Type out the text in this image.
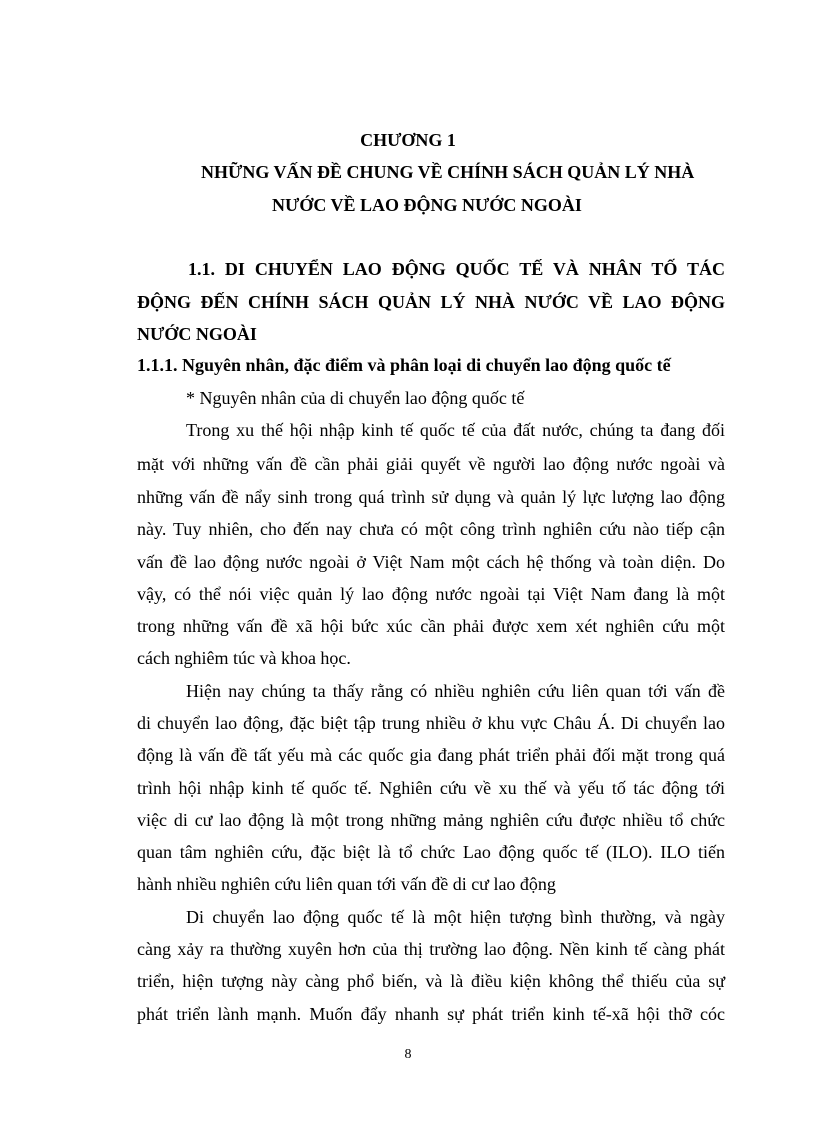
CHƯƠNG 1
NHỮNG VẤN ĐỀ CHUNG VỀ CHÍNH SÁCH QUẢN LÝ NHÀ
NƯỚC VỀ LAO ĐỘNG NƯỚC NGOÀI
1.1. DI CHUYỂN LAO ĐỘNG QUỐC TẾ VÀ NHÂN TỐ TÁC
ĐỘNG ĐẾN CHÍNH SÁCH QUẢN LÝ NHÀ NƯỚC VỀ LAO ĐỘNG
NƯỚC NGOÀI
1.1.1. Nguyên nhân, đặc điểm và phân loại di chuyển lao động quốc tế
* Nguyên nhân của di chuyển lao động quốc tế
Trong xu thế hội nhập kinh tế quốc tế của đất nước, chúng ta đang đối
mặt với những vấn đề cần phải giải quyết về người lao động nước ngoài và
những vấn đề nẩy sinh trong quá trình sử dụng và quản lý lực lượng lao động
này. Tuy nhiên, cho đến nay chưa có một công trình nghiên cứu nào tiếp cận
vấn đề lao động nước ngoài ở Việt Nam một cách hệ thống và toàn diện. Do
vậy, có thể nói việc quản lý lao động nước ngoài tại Việt Nam đang là một
trong những vấn đề xã hội bức xúc cần phải được xem xét nghiên cứu một
cách nghiêm túc và khoa học.
Hiện nay chúng ta thấy rằng có nhiều nghiên cứu liên quan tới vấn đề
di chuyển lao động, đặc biệt tập trung nhiều ở khu vực Châu Á. Di chuyển lao
động là vấn đề tất yếu mà các quốc gia đang phát triển phải đối mặt trong quá
trình hội nhập kinh tế quốc tế. Nghiên cứu về xu thế và yếu tố tác động tới
việc di cư lao động là một trong những mảng nghiên cứu được nhiều tổ chức
quan tâm nghiên cứu, đặc biệt là tổ chức Lao động quốc tế (ILO). ILO tiến
hành nhiều nghiên cứu liên quan tới vấn đề di cư lao động
Di chuyển lao động quốc tế là một hiện tượng bình thường, và ngày
càng xảy ra thường xuyên hơn của thị trường lao động. Nền kinh tế càng phát
triển, hiện tượng này càng phổ biến, và là điều kiện không thể thiếu của sự
phát triển lành mạnh. Muốn đẩy nhanh sự phát triển kinh tế-xã hội thỡ cóc
8
